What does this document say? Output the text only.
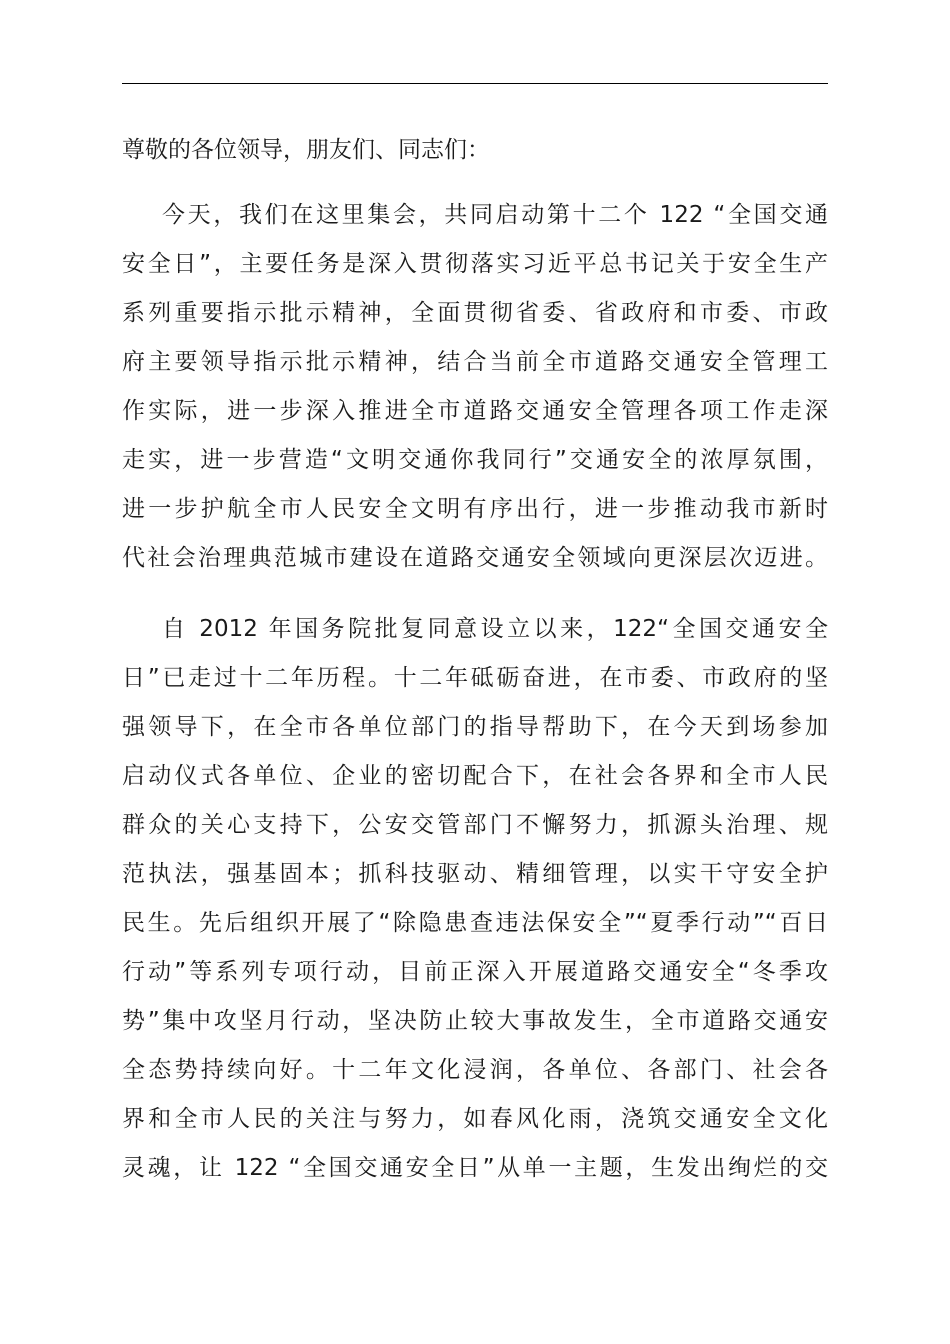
尊敬的各位领导，朋友们、同志们：
今天，我们在这里集会，共同启动第十二个 122 “全国交通
安全日”，主要任务是深入贯彻落实习近平总书记关于安全生产
系列重要指示批示精神，全面贯彻省委、省政府和市委、市政
府主要领导指示批示精神，结合当前全市道路交通安全管理工
作实际，进一步深入推进全市道路交通安全管理各项工作走深
走实，进一步营造“文明交通你我同行”交通安全的浓厚氛围，
进一步护航全市人民安全文明有序出行，进一步推动我市新时
代社会治理典范城市建设在道路交通安全领域向更深层次迈进。
自 2012 年国务院批复同意设立以来，122“全国交通安全
日”已走过十二年历程。十二年砥砺奋进，在市委、市政府的坚
强领导下，在全市各单位部门的指导帮助下，在今天到场参加
启动仪式各单位、企业的密切配合下，在社会各界和全市人民
群众的关心支持下，公安交管部门不懈努力，抓源头治理、规
范执法，强基固本；抓科技驱动、精细管理，以实干守安全护
民生。先后组织开展了“除隐患查违法保安全”“夏季行动”“百日
行动”等系列专项行动，目前正深入开展道路交通安全“冬季攻
势”集中攻坚月行动，坚决防止较大事故发生，全市道路交通安
全态势持续向好。十二年文化浸润，各单位、各部门、社会各
界和全市人民的关注与努力，如春风化雨，浇筑交通安全文化
灵魂，让 122 “全国交通安全日”从单一主题，生发出绚烂的交
